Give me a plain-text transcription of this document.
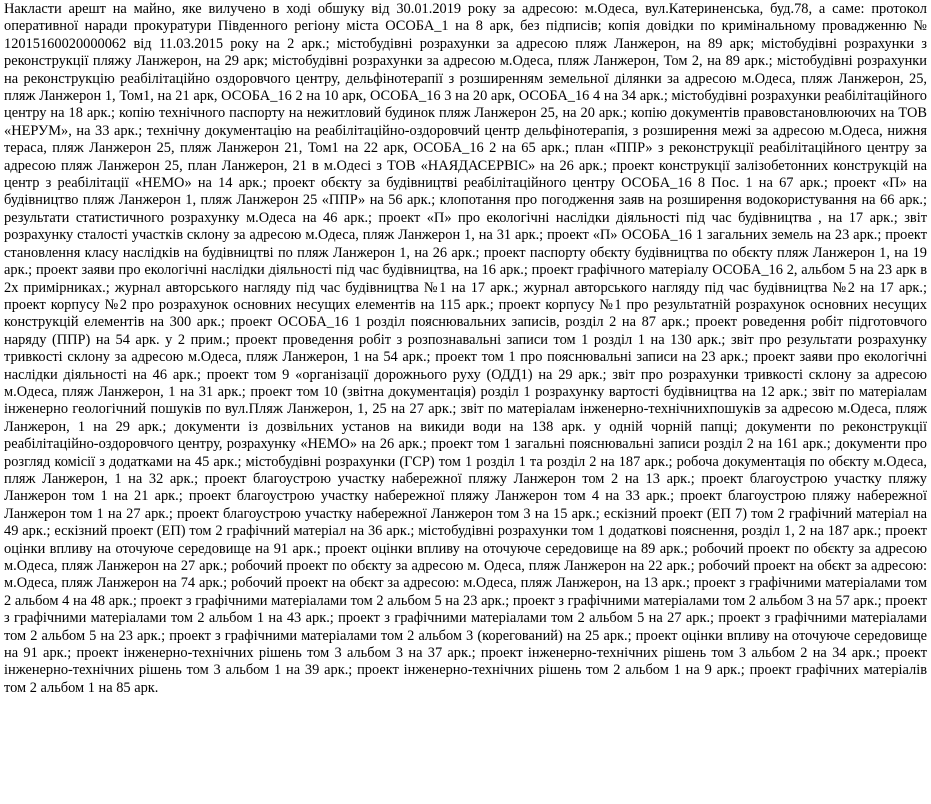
Накласти арешт на майно, яке вилучено в ході обшуку від 30.01.2019 року за адресою: м.Одеса, вул.Катериненська, буд.78, а саме: протокол оперативної наради прокуратури Південного регіону міста ОСОБА_1 на 8 арк, без підписів; копія довідки по кримінальному провадженню № 12015160020000062 від 11.03.2015 року на 2 арк.; містобудівні розрахунки за адресою пляж Ланжерон, на 89 арк; містобудівні розрахунки з реконструкції пляжу Ланжерон, на 29 арк; містобудівні розрахунки за адресою м.Одеса, пляж Ланжерон, Том 2, на 89 арк.; містобудівні розрахунки на реконструкцію реабілітаційно оздоровчого центру, дельфінотерапії з розширенням земельної ділянки за адресою м.Одеса, пляж Ланжерон, 25, пляж Ланжерон 1, Том1, на 21 арк, ОСОБА_16 2 на 10 арк, ОСОБА_16 3 на 20 арк, ОСОБА_16 4 на 34 арк.; містобудівні розрахунки реабілітаційного центру на 18 арк.; копію технічного паспорту на нежитловий будинок пляж Ланжерон 25, на 20 арк.; копію документів правовстановлюючих на ТОВ «НЕРУМ», на 33 арк.; технічну документацію на реабілітаційно-оздоровчий центр дельфінотерапія, з розширення межі за адресою м.Одеса, нижня тераса, пляж Ланжерон 25, пляж Ланжерон 21, Том1 на 22 арк, ОСОБА_16 2 на 65 арк.; план «ППР» з реконструкції реабілітаційного центру за адресою пляж Ланжерон 25, план Ланжерон, 21 в м.Одесі з ТОВ «НАЯДАСЕРВІС» на 26 арк.; проект конструкції залізобетонних конструкцій на центр з реабілітації «НЕМО» на 14 арк.; проект обєкту за будівництві реабілітаційного центру ОСОБА_16 8 Пос. 1 на 67 арк.; проект «П» на будівництво пляж Ланжерон 1, пляж Ланжерон 25 «ППР» на 56 арк.; клопотання про погодження заяв на розширення водокористування на 66 арк.; результати статистичного розрахунку м.Одеса на 46 арк.; проект «П» про екологічні наслідки діяльності під час будівництва , на 17 арк.; звіт розрахунку сталості участків склону за адресою м.Одеса, пляж Ланжерон 1, на 31 арк.; проект «П» ОСОБА_16 1 загальних земель на 23 арк.; проект становлення класу наслідків на будівництві по пляж Ланжерон 1, на 26 арк.; проект паспорту обєкту будівництва по обєкту пляж Ланжерон 1, на 19 арк.; проект заяви про екологічні наслідки діяльності під час будівництва, на 16 арк.; проект графічного матеріалу ОСОБА_16 2, альбом 5 на 23 арк в 2х примірниках.; журнал авторського нагляду під час будівництва №1 на 17 арк.; журнал авторського нагляду під час будівництва №2 на 17 арк.; проект корпусу №2 про розрахунок основних несущих елементів на 115 арк.; проект корпусу №1 про результатній розрахунок основних несущих конструкцій елементів на 300 арк.; проект ОСОБА_16 1 розділ пояснювальних записів, розділ 2 на 87 арк.; проект роведення робіт підготовчого наряду (ППР) на 54 арк. у 2 прим.; проект проведення робіт з розпознавальні записи том 1 розділ 1 на 130 арк.; звіт про результати розрахунку тривкості склону за адресою м.Одеса, пляж Ланжерон, 1 на 54 арк.; проект том 1 про пояснювальні записи на 23 арк.; проект заяви про екологічні наслідки діяльності на 46 арк.; проект том 9 «організації дорожнього руху (ОДД1) на 29 арк.; звіт про розрахунки тривкості склону за адресою м.Одеса, пляж Ланжерон, 1 на 31 арк.; проект том 10 (звітна документація) розділ 1 розрахунку вартості будівництва на 12 арк.; звіт по матеріалам інженерно геологічний пошуків по вул.Пляж Ланжерон, 1, 25 на 27 арк.; звіт по матеріалам інженерно-технічнихпошуків за адресою м.Одеса, пляж Ланжерон, 1 на 29 арк.; документи із дозвільних установ на викиди води на 138 арк. у одній чорній папці; документи по реконструкції реабілітаційно-оздоровчого центру, розрахунку «НЕМО» на 26 арк.; проект том 1 загальні пояснювальні записи розділ 2 на 161 арк.; документи про розгляд комісії з додатками на 45 арк.; містобудівні розрахунки (ГСР) том 1 розділ 1 та розділ 2 на 187 арк.; робоча документація по обєкту м.Одеса, пляж Ланжерон, 1 на 32 арк.; проект благоустрою участку набережної пляжу Ланжерон том 2 на 13 арк.; проект благоустрою участку пляжу Ланжерон том 1 на 21 арк.; проект благоустрою участку набережної пляжу Ланжерон том 4 на 33 арк.; проект благоустрою пляжу набережної Ланжерон том 1 на 27 арк.; проект благоустрою участку набережної Ланжерон том 3 на 15 арк.; ескізний проект (ЕП 7) том 2 графічний матеріал на 49 арк.; ескізний проект (ЕП) том 2 графічний матеріал на 36 арк.; містобудівні розрахунки том 1 додаткові пояснення, розділ 1, 2 на 187 арк.; проект оцінки впливу на оточуюче середовище на 91 арк.; проект оцінки впливу на оточуюче середовище на 89 арк.; робочий проект по обєкту за адресою м.Одеса, пляж Ланжерон на 27 арк.; робочий проект по обєкту за адресою м. Одеса, пляж Ланжерон на 22 арк.; робочий проект на обєкт за адресою: м.Одеса, пляж Ланжерон на 74 арк.; робочий проект на обєкт за адресою: м.Одеса, пляж Ланжерон, на 13 арк.; проект з графічними матеріалами том 2 альбом 4 на 48 арк.; проект з графічними матеріалами том 2 альбом 5 на 23 арк.; проект з графічними матеріалами том 2 альбом 3 на 57 арк.; проект з графічними матеріалами том 2 альбом 1 на 43 арк.; проект з графічними матеріалами том 2 альбом 5 на 27 арк.; проект з графічними матеріалами том 2 альбом 5 на 23 арк.; проект з графічними матеріалами том 2 альбом 3 (корегований) на 25 арк.; проект оцінки впливу на оточуюче середовище на 91 арк.; проект інженерно-технічних рішень том 3 альбом 3 на 37 арк.; проект інженерно-технічних рішень том 3 альбом 2 на 34 арк.; проект інженерно-технічних рішень том 3 альбом 1 на 39 арк.; проект інженерно-технічних рішень том 2 альбом 1 на 9 арк.; проект графічних матеріалів том 2 альбом 1 на 85 арк.
